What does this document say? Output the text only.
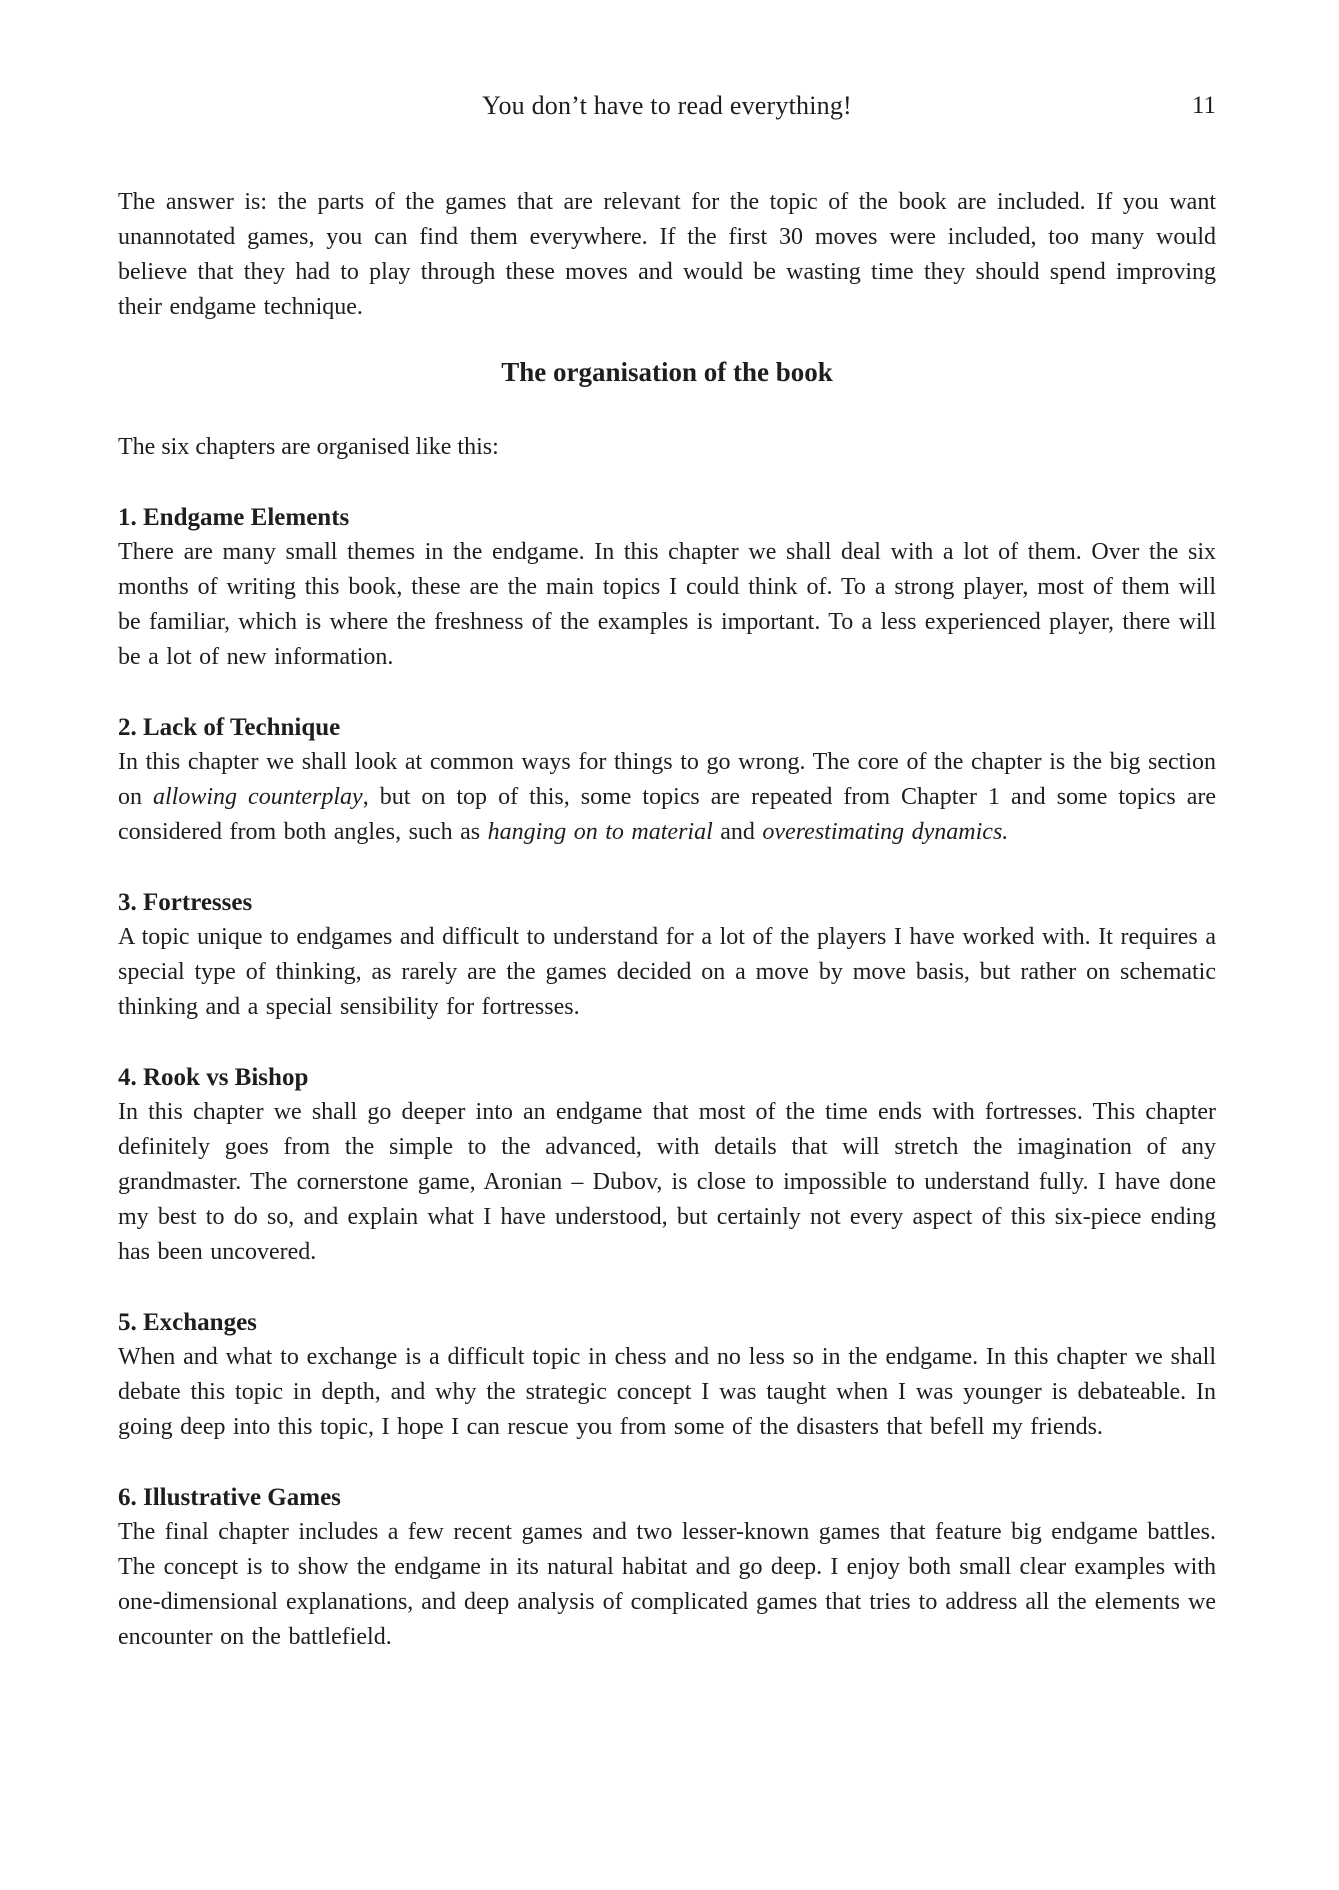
You don’t have to read everything!	11

The answer is: the parts of the games that are relevant for the topic of the book are included. If you want unannotated games, you can find them everywhere. If the first 30 moves were included, too many would believe that they had to play through these moves and would be wasting time they should spend improving their endgame technique.

The organisation of the book

The six chapters are organised like this:

1. Endgame Elements

There are many small themes in the endgame. In this chapter we shall deal with a lot of them. Over the six months of writing this book, these are the main topics I could think of. To a strong player, most of them will be familiar, which is where the freshness of the examples is important. To a less experienced player, there will be a lot of new information.

2. Lack of Technique

In this chapter we shall look at common ways for things to go wrong. The core of the chapter is the big section on allowing counterplay, but on top of this, some topics are repeated from Chapter 1 and some topics are considered from both angles, such as hanging on to material and overestimating dynamics.

3. Fortresses

A topic unique to endgames and difficult to understand for a lot of the players I have worked with. It requires a special type of thinking, as rarely are the games decided on a move by move basis, but rather on schematic thinking and a special sensibility for fortresses.

4. Rook vs Bishop

In this chapter we shall go deeper into an endgame that most of the time ends with fortresses. This chapter definitely goes from the simple to the advanced, with details that will stretch the imagination of any grandmaster. The cornerstone game, Aronian – Dubov, is close to impossible to understand fully. I have done my best to do so, and explain what I have understood, but certainly not every aspect of this six-piece ending has been uncovered.

5. Exchanges

When and what to exchange is a difficult topic in chess and no less so in the endgame. In this chapter we shall debate this topic in depth, and why the strategic concept I was taught when I was younger is debateable. In going deep into this topic, I hope I can rescue you from some of the disasters that befell my friends.

6. Illustrative Games

The final chapter includes a few recent games and two lesser-known games that feature big endgame battles. The concept is to show the endgame in its natural habitat and go deep. I enjoy both small clear examples with one-dimensional explanations, and deep analysis of complicated games that tries to address all the elements we encounter on the battlefield.
